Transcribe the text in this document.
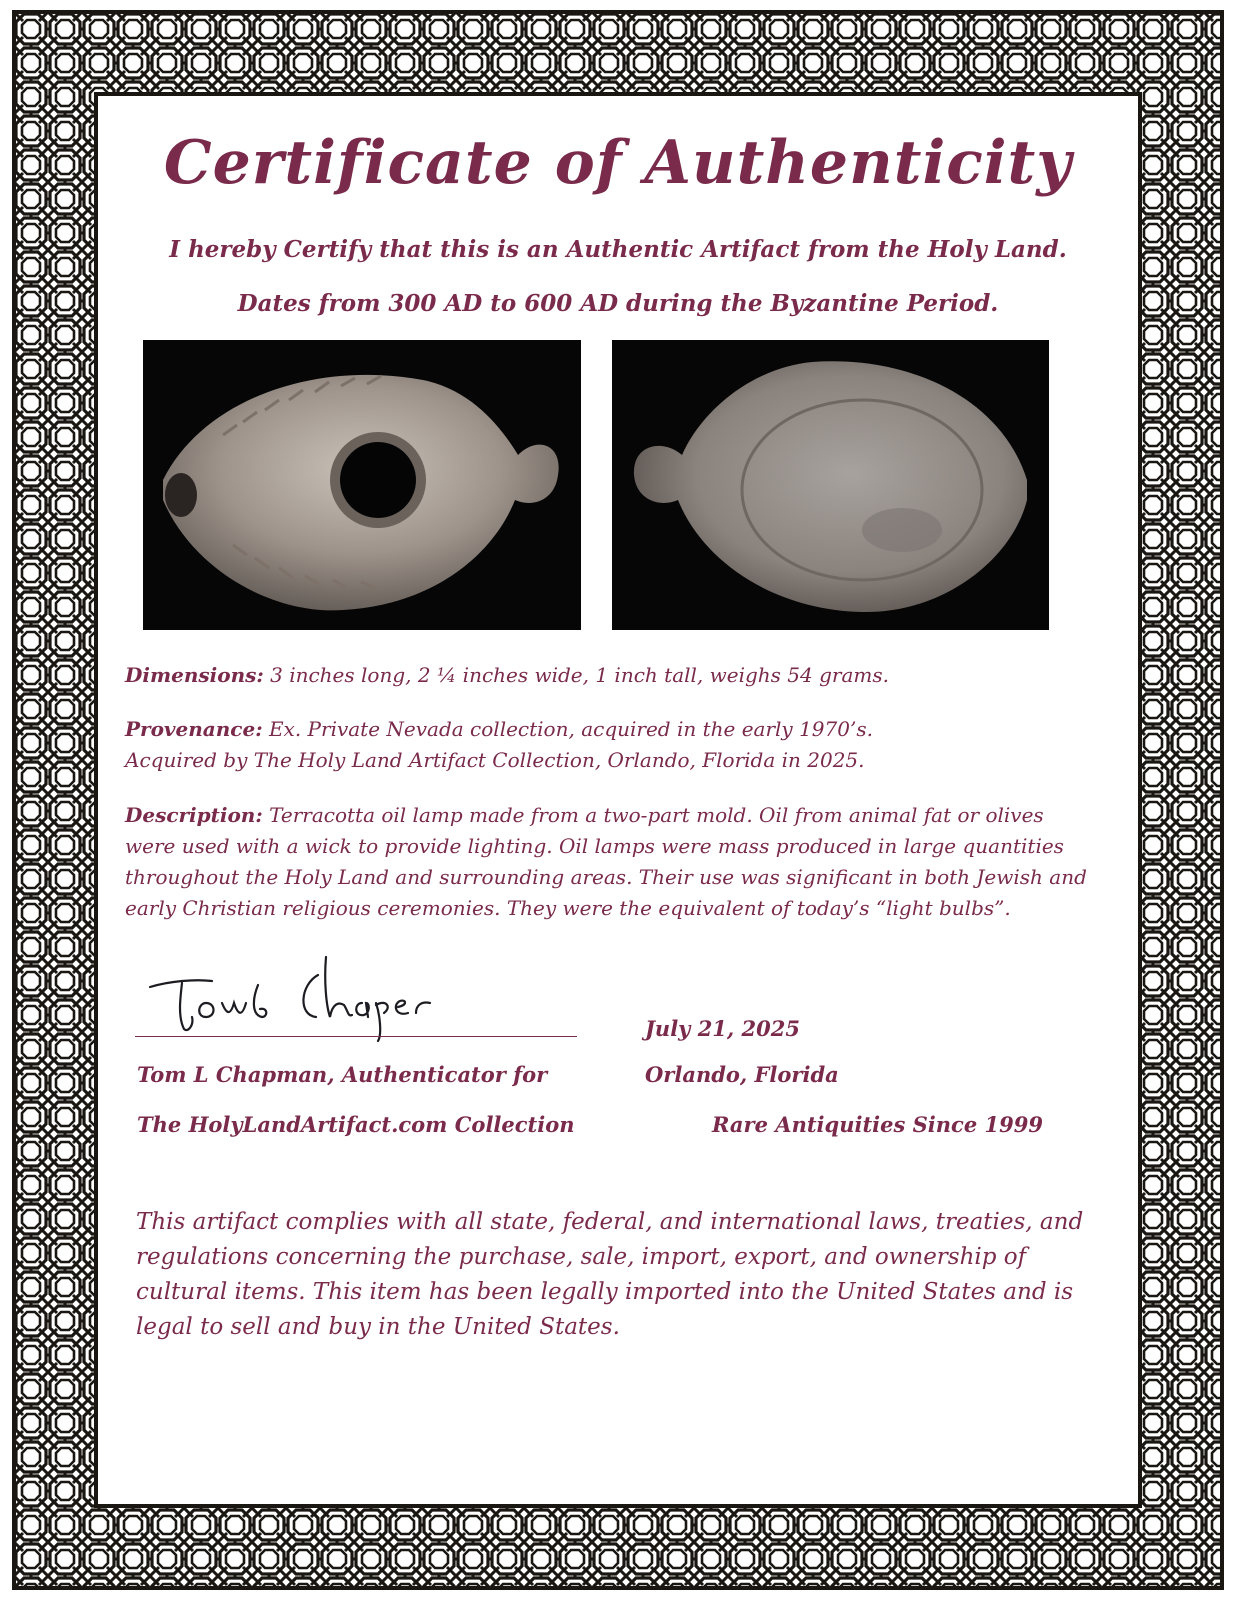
Certificate of Authenticity
I hereby Certify that this is an Authentic Artifact from the Holy Land.
Dates from 300 AD to 600 AD during the Byzantine Period.
Dimensions: 3 inches long, 2 ¼ inches wide, 1 inch tall, weighs 54 grams.
Provenance: Ex. Private Nevada collection, acquired in the early 1970’s.
Acquired by The Holy Land Artifact Collection, Orlando, Florida in 2025.
Description: Terracotta oil lamp made from a two-part mold. Oil from animal fat or olives were used with a wick to provide lighting. Oil lamps were mass produced in large quantities throughout the Holy Land and surrounding areas. Their use was significant in both Jewish and early Christian religious ceremonies. They were the equivalent of today’s “light bulbs”.
Tom L Chapman, Authenticator for
The HolyLandArtifact.com Collection
July 21, 2025
Orlando, Florida
Rare Antiquities Since 1999
This artifact complies with all state, federal, and international laws, treaties, and regulations concerning the purchase, sale, import, export, and ownership of cultural items. This item has been legally imported into the United States and is legal to sell and buy in the United States.
